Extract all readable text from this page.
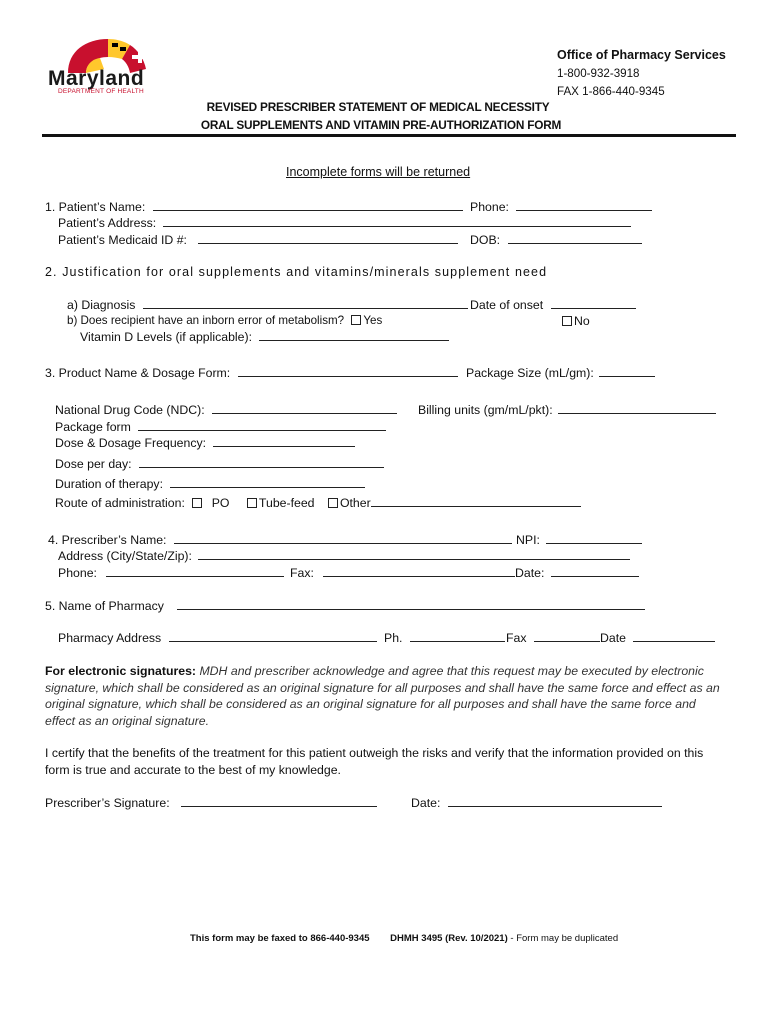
Maryland
DEPARTMENT OF HEALTH
Office of Pharmacy Services
1-800-932-3918
FAX 1-866-440-9345
REVISED PRESCRIBER STATEMENT OF MEDICAL NECESSITY
ORAL SUPPLEMENTS AND VITAMIN PRE-AUTHORIZATION FORM
Incomplete forms will be returned
1. Patient’s Name:	Phone:
Patient’s Address:
Patient’s Medicaid ID #:	DOB:
2. Justification for oral supplements and vitamins/minerals supplement need
a) Diagnosis	Date of onset
b) Does recipient have an inborn error of metabolism? Yes	No
Vitamin D Levels (if applicable):
3. Product Name & Dosage Form:	Package Size (mL/gm):
National Drug Code (NDC):	Billing units (gm/mL/pkt):
Package form
Dose & Dosage Frequency:
Dose per day:
Duration of therapy:
Route of administration: PO Tube-feed Other
4. Prescriber’s Name:	NPI:
Address (City/State/Zip):
Phone:	Fax:	Date:
5. Name of Pharmacy
Pharmacy Address	Ph.	Fax	Date
For electronic signatures: MDH and prescriber acknowledge and agree that this request may be executed by electronic signature, which shall be considered as an original signature for all purposes and shall have the same force and effect as an original signature, which shall be considered as an original signature for all purposes and shall have the same force and effect as an original signature.
I certify that the benefits of the treatment for this patient outweigh the risks and verify that the information provided on this form is true and accurate to the best of my knowledge.
Prescriber’s Signature:	Date:
This form may be faxed to 866-440-9345 DHMH 3495 (Rev. 10/2021) - Form may be duplicated
